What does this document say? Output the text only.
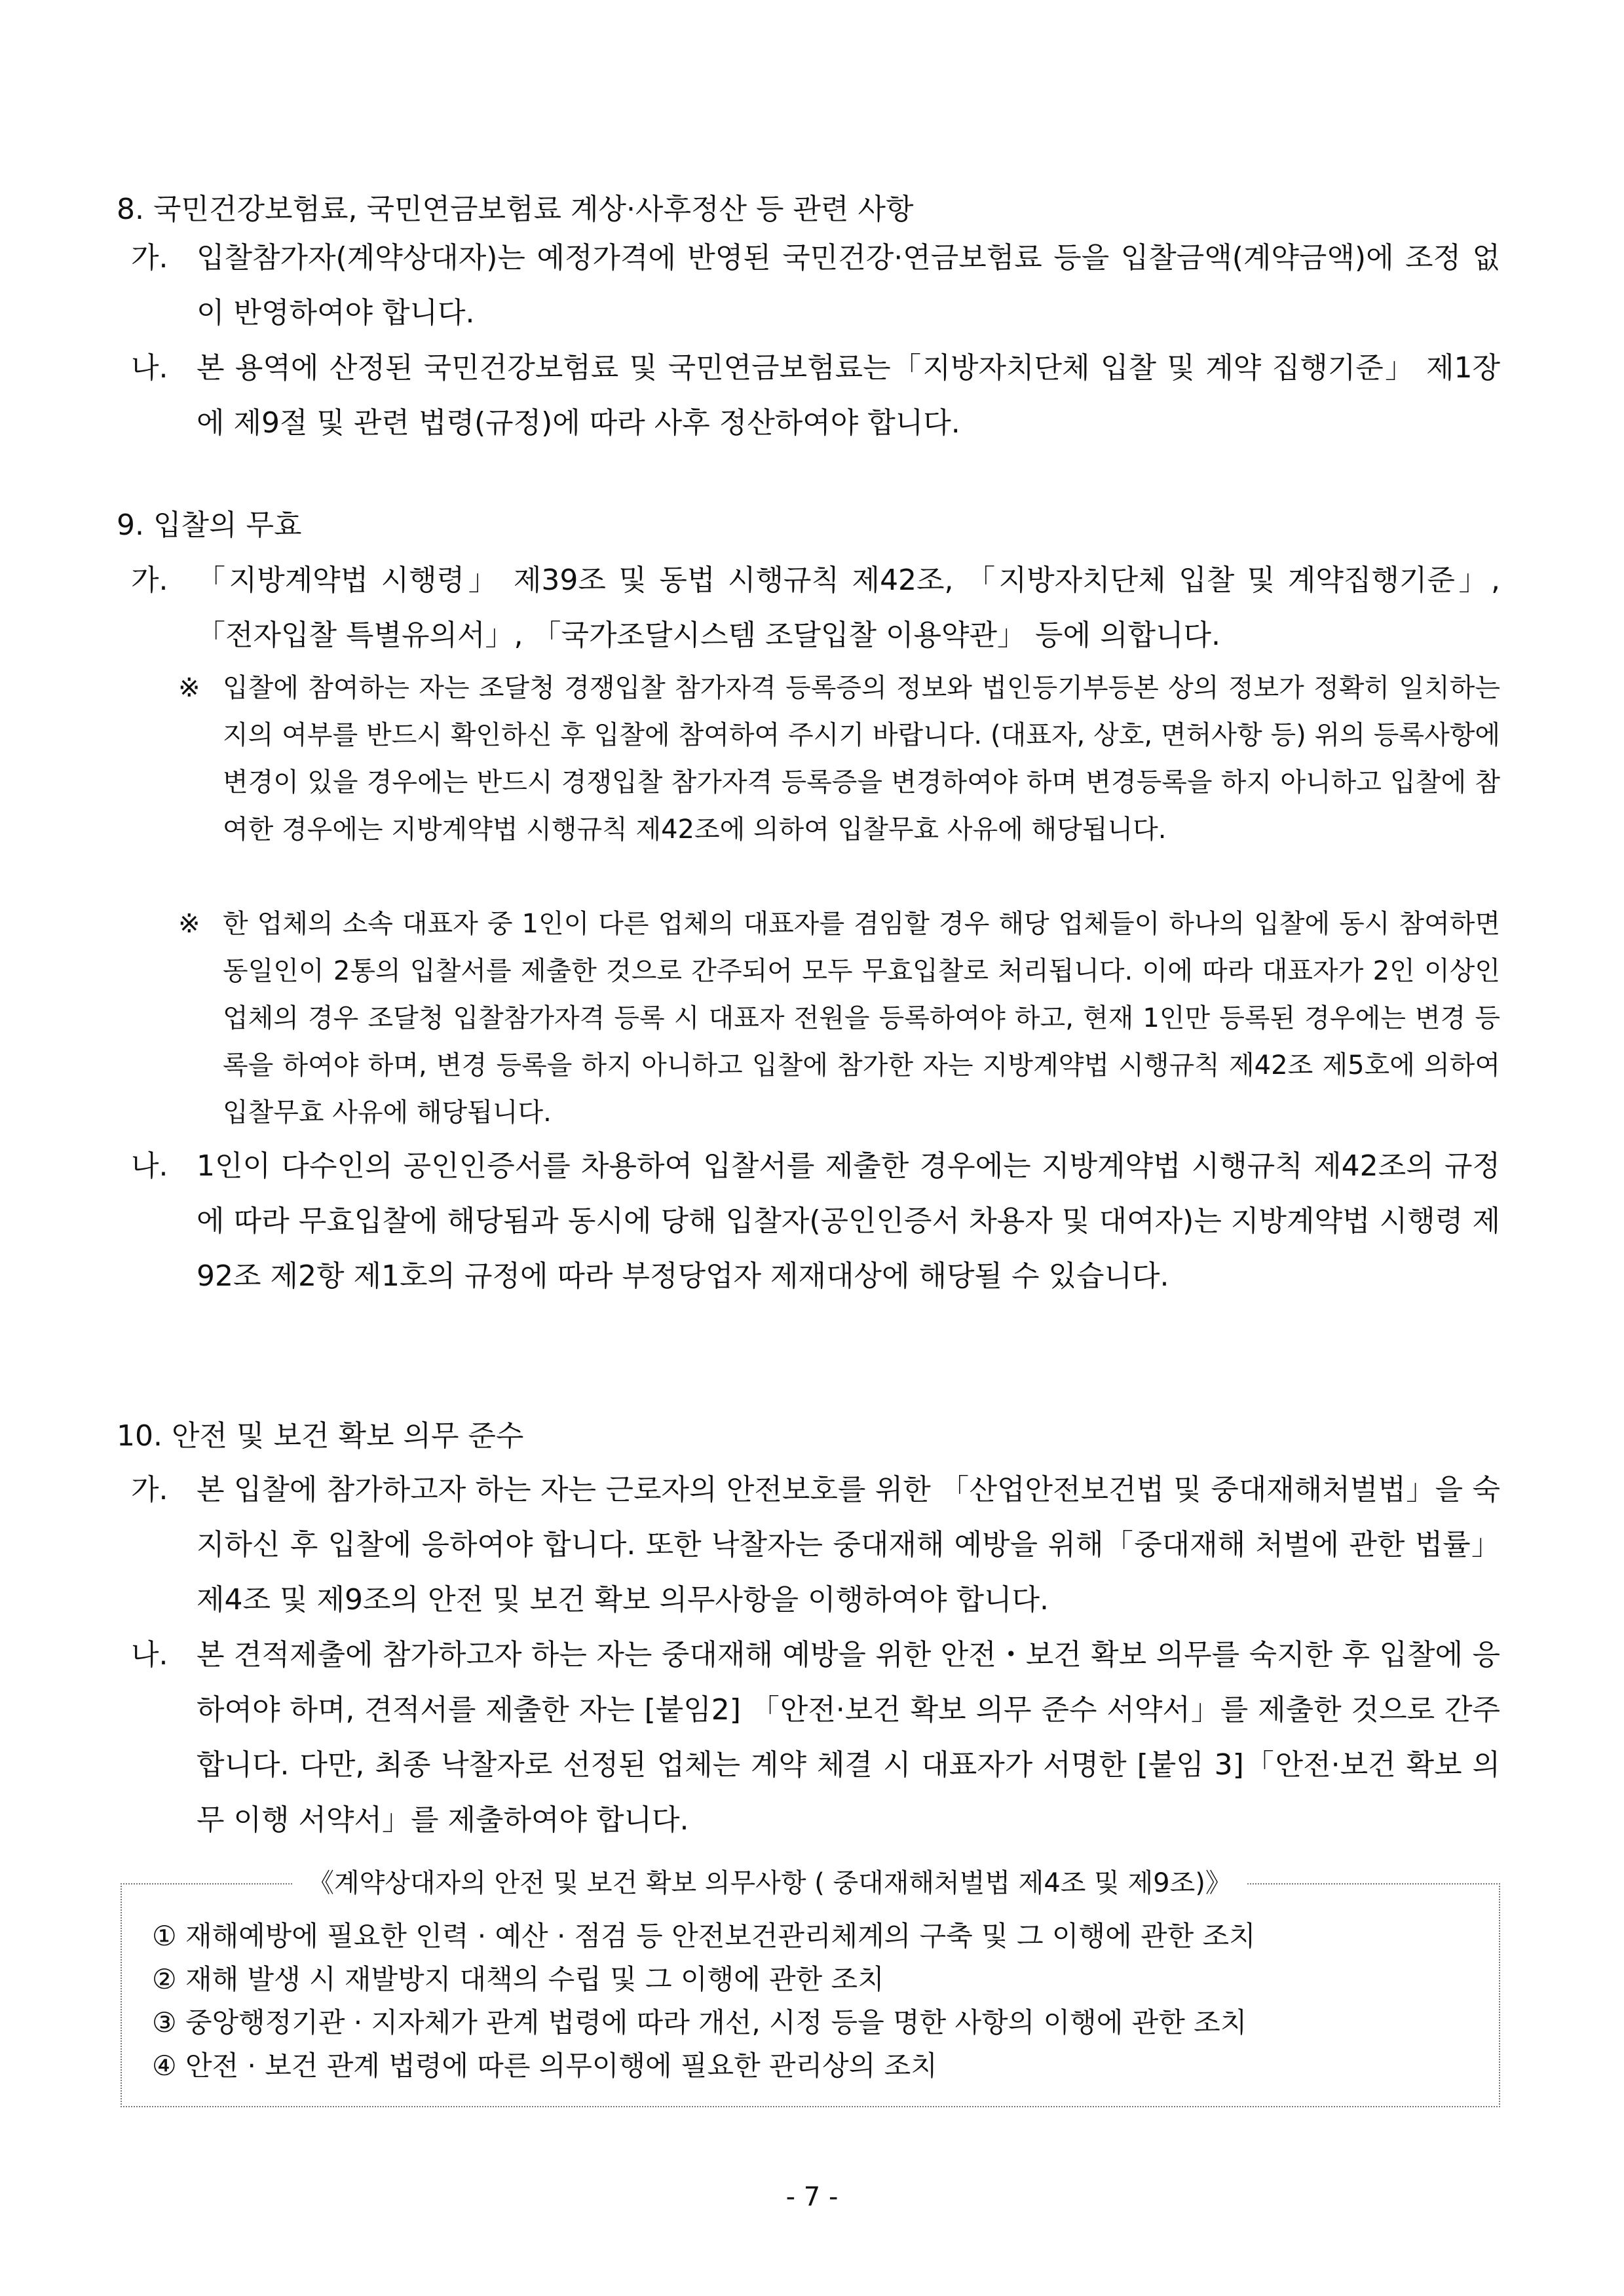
8. 국민건강보험료, 국민연금보험료 계상·사후정산 등 관련 사항
가. 입찰참가자(계약상대자)는 예정가격에 반영된 국민건강·연금보험료 등을 입찰금액(계약금액)에 조정 없이 반영하여야 합니다.
나. 본 용역에 산정된 국민건강보험료 및 국민연금보험료는「지방자치단체 입찰 및 계약 집행기준」 제1장에 제9절 및 관련 법령(규정)에 따라 사후 정산하여야 합니다.
9. 입찰의 무효
가. 「지방계약법 시행령」 제39조 및 동법 시행규칙 제42조, 「지방자치단체 입찰 및 계약집행기준」, 「전자입찰 특별유의서」, 「국가조달시스템 조달입찰 이용약관」 등에 의합니다.
※ 입찰에 참여하는 자는 조달청 경쟁입찰 참가자격 등록증의 정보와 법인등기부등본 상의 정보가 정확히 일치하는지의 여부를 반드시 확인하신 후 입찰에 참여하여 주시기 바랍니다. (대표자, 상호, 면허사항 등) 위의 등록사항에 변경이 있을 경우에는 반드시 경쟁입찰 참가자격 등록증을 변경하여야 하며 변경등록을 하지 아니하고 입찰에 참여한 경우에는 지방계약법 시행규칙 제42조에 의하여 입찰무효 사유에 해당됩니다.
※ 한 업체의 소속 대표자 중 1인이 다른 업체의 대표자를 겸임할 경우 해당 업체들이 하나의 입찰에 동시 참여하면 동일인이 2통의 입찰서를 제출한 것으로 간주되어 모두 무효입찰로 처리됩니다. 이에 따라 대표자가 2인 이상인 업체의 경우 조달청 입찰참가자격 등록 시 대표자 전원을 등록하여야 하고, 현재 1인만 등록된 경우에는 변경 등록을 하여야 하며, 변경 등록을 하지 아니하고 입찰에 참가한 자는 지방계약법 시행규칙 제42조 제5호에 의하여 입찰무효 사유에 해당됩니다.
나. 1인이 다수인의 공인인증서를 차용하여 입찰서를 제출한 경우에는 지방계약법 시행규칙 제42조의 규정에 따라 무효입찰에 해당됨과 동시에 당해 입찰자(공인인증서 차용자 및 대여자)는 지방계약법 시행령 제92조 제2항 제1호의 규정에 따라 부정당업자 제재대상에 해당될 수 있습니다.
10. 안전 및 보건 확보 의무 준수
가. 본 입찰에 참가하고자 하는 자는 근로자의 안전보호를 위한 「산업안전보건법 및 중대재해처벌법」을 숙지하신 후 입찰에 응하여야 합니다. 또한 낙찰자는 중대재해 예방을 위해「중대재해 처벌에 관한 법률」 제4조 및 제9조의 안전 및 보건 확보 의무사항을 이행하여야 합니다.
나. 본 견적제출에 참가하고자 하는 자는 중대재해 예방을 위한 안전・보건 확보 의무를 숙지한 후 입찰에 응하여야 하며, 견적서를 제출한 자는 [붙임2] 「안전·보건 확보 의무 준수 서약서」를 제출한 것으로 간주합니다. 다만, 최종 낙찰자로 선정된 업체는 계약 체결 시 대표자가 서명한 [붙임 3]「안전·보건 확보 의무 이행 서약서」를 제출하여야 합니다.
《계약상대자의 안전 및 보건 확보 의무사항 ( 중대재해처벌법 제4조 및 제9조)》
① 재해예방에 필요한 인력 · 예산 · 점검 등 안전보건관리체계의 구축 및 그 이행에 관한 조치
② 재해 발생 시 재발방지 대책의 수립 및 그 이행에 관한 조치
③ 중앙행정기관 · 지자체가 관계 법령에 따라 개선, 시정 등을 명한 사항의 이행에 관한 조치
④ 안전 · 보건 관계 법령에 따른 의무이행에 필요한 관리상의 조치
- 7 -
